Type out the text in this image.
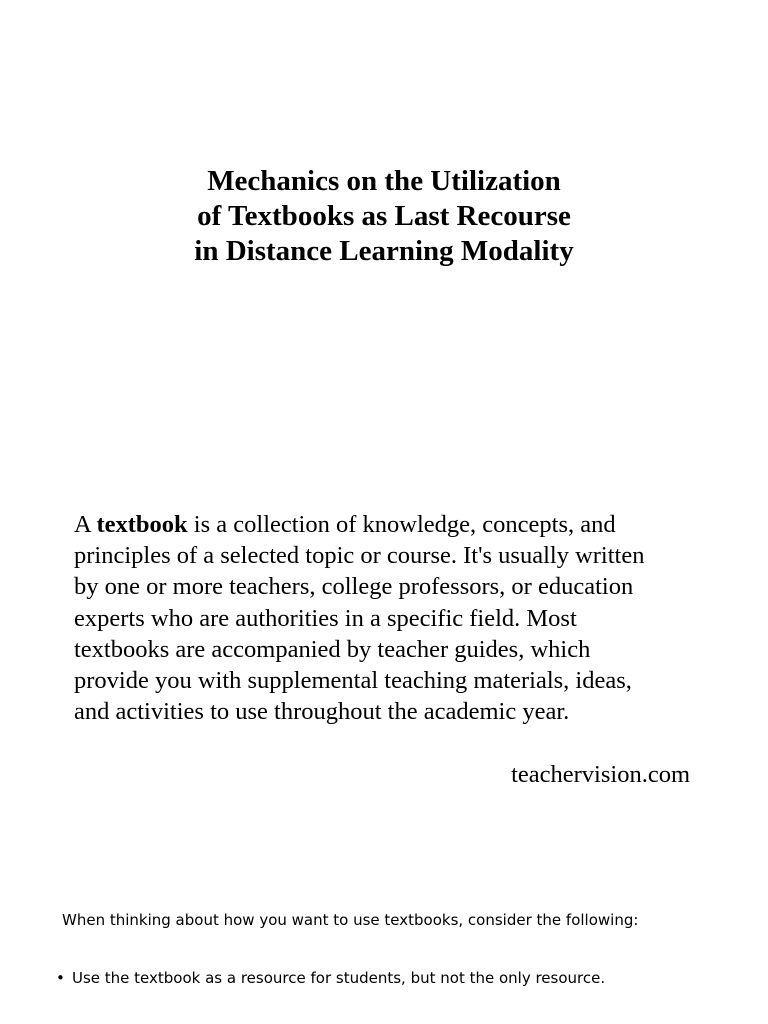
Mechanics on the Utilization
of Textbooks as Last Recourse
in Distance Learning Modality

A textbook is a collection of knowledge, concepts, and
principles of a selected topic or course. It's usually written
by one or more teachers, college professors, or education
experts who are authorities in a specific field. Most
textbooks are accompanied by teacher guides, which
provide you with supplemental teaching materials, ideas,
and activities to use throughout the academic year.

teachervision.com

When thinking about how you want to use textbooks, consider the following:

• Use the textbook as a resource for students, but not the only resource.
